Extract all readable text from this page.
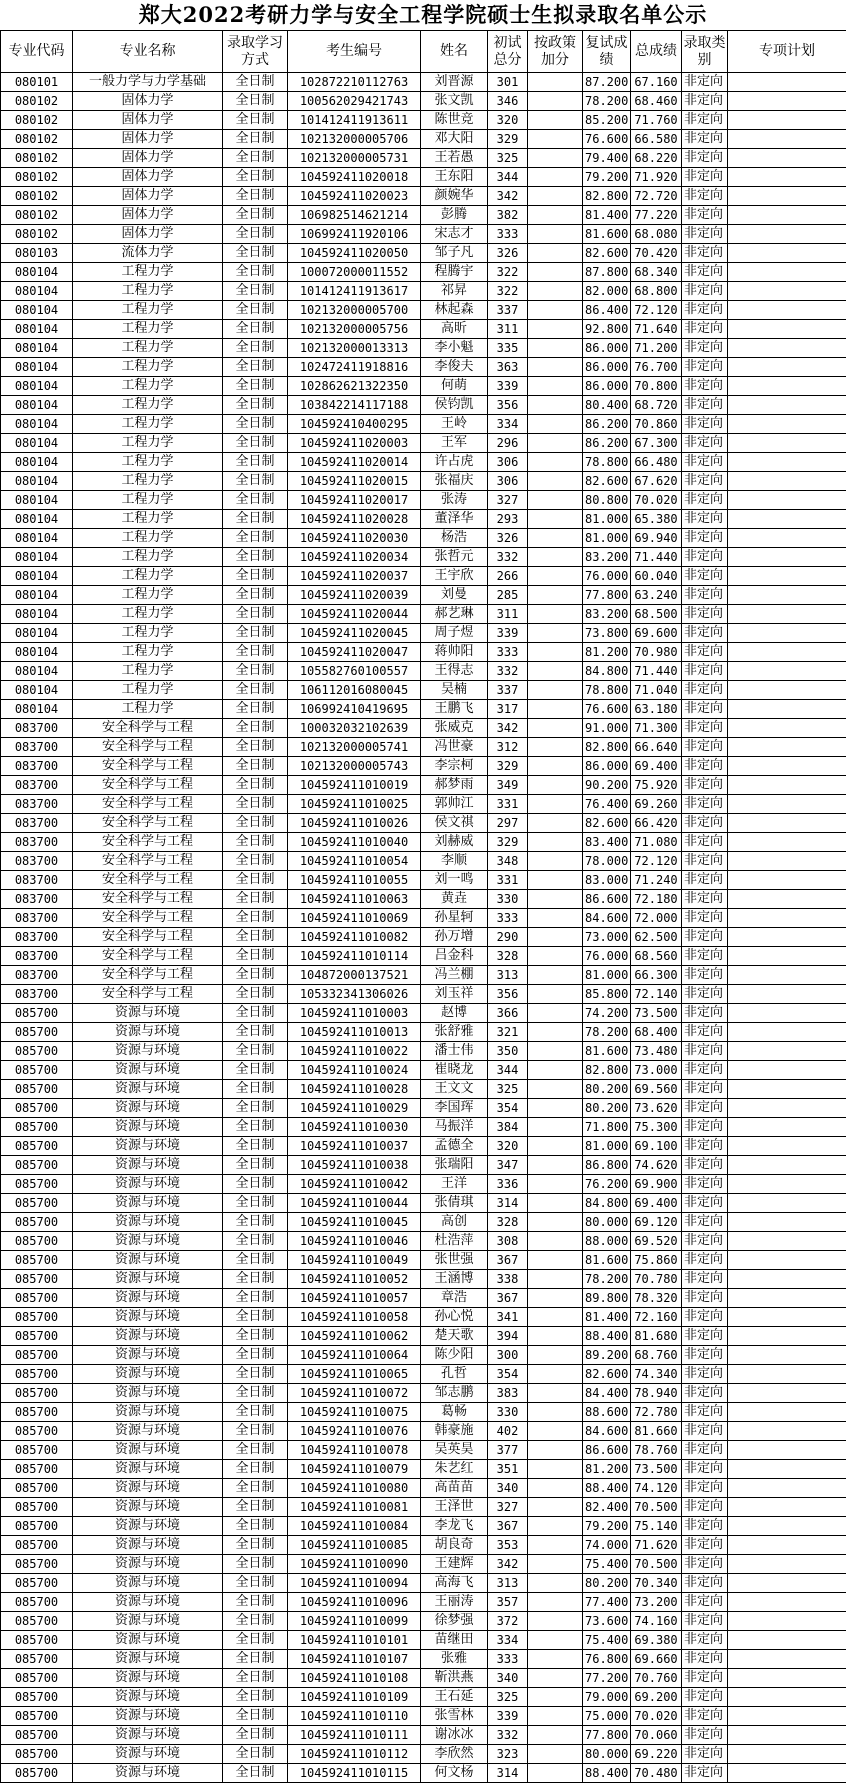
郑大2022考研力学与安全工程学院硕士生拟录取名单公示
专业代码	专业名称	录取学习方式	考生编号	姓名	初试总分	按政策加分	复试成绩	总成绩	录取类别	专项计划
080101	一般力学与力学基础	全日制	102872210112763	刘晋源	301		87.200	67.160	非定向	
080102	固体力学	全日制	100562029421743	张文凯	346		78.200	68.460	非定向	
080102	固体力学	全日制	101412411913611	陈世竞	320		85.200	71.760	非定向	
080102	固体力学	全日制	102132000005706	邓大阳	329		76.600	66.580	非定向	
080102	固体力学	全日制	102132000005731	王若愚	325		79.400	68.220	非定向	
080102	固体力学	全日制	104592411020018	王东阳	344		79.200	71.920	非定向	
080102	固体力学	全日制	104592411020023	颜婉华	342		82.800	72.720	非定向	
080102	固体力学	全日制	106982514621214	彭腾	382		81.400	77.220	非定向	
080102	固体力学	全日制	106992411920106	宋志才	333		81.600	68.080	非定向	
080103	流体力学	全日制	104592411020050	邹子凡	326		82.600	70.420	非定向	
080104	工程力学	全日制	100072000011552	程腾宇	322		87.800	68.340	非定向	
080104	工程力学	全日制	101412411913617	祁昇	322		82.000	68.800	非定向	
080104	工程力学	全日制	102132000005700	林起森	337		86.400	72.120	非定向	
080104	工程力学	全日制	102132000005756	高昕	311		92.800	71.640	非定向	
080104	工程力学	全日制	102132000013313	李小魁	335		86.000	71.200	非定向	
080104	工程力学	全日制	102472411918816	李俊夫	363		86.000	76.700	非定向	
080104	工程力学	全日制	102862621322350	何萌	339		86.000	70.800	非定向	
080104	工程力学	全日制	103842214117188	侯钧凯	356		80.400	68.720	非定向	
080104	工程力学	全日制	104592410400295	王岭	334		86.200	70.860	非定向	
080104	工程力学	全日制	104592411020003	王军	296		86.200	67.300	非定向	
080104	工程力学	全日制	104592411020014	许占虎	306		78.800	66.480	非定向	
080104	工程力学	全日制	104592411020015	张福庆	306		82.600	67.620	非定向	
080104	工程力学	全日制	104592411020017	张涛	327		80.800	70.020	非定向	
080104	工程力学	全日制	104592411020028	董泽华	293		81.000	65.380	非定向	
080104	工程力学	全日制	104592411020030	杨浩	326		81.000	69.940	非定向	
080104	工程力学	全日制	104592411020034	张哲元	332		83.200	71.440	非定向	
080104	工程力学	全日制	104592411020037	王宇欣	266		76.000	60.040	非定向	
080104	工程力学	全日制	104592411020039	刘曼	285		77.800	63.240	非定向	
080104	工程力学	全日制	104592411020044	郝艺琳	311		83.200	68.500	非定向	
080104	工程力学	全日制	104592411020045	周子煜	339		73.800	69.600	非定向	
080104	工程力学	全日制	104592411020047	蒋帅阳	333		81.200	70.980	非定向	
080104	工程力学	全日制	105582760100557	王得志	332		84.800	71.440	非定向	
080104	工程力学	全日制	106112016080045	吴楠	337		78.800	71.040	非定向	
080104	工程力学	全日制	106992410419695	王鹏飞	317		76.600	63.180	非定向	
083700	安全科学与工程	全日制	100032032102639	张威克	342		91.000	71.300	非定向	
083700	安全科学与工程	全日制	102132000005741	冯世豪	312		82.800	66.640	非定向	
083700	安全科学与工程	全日制	102132000005743	李宗柯	329		86.000	69.400	非定向	
083700	安全科学与工程	全日制	104592411010019	郝梦雨	349		90.200	75.920	非定向	
083700	安全科学与工程	全日制	104592411010025	郭帅江	331		76.400	69.260	非定向	
083700	安全科学与工程	全日制	104592411010026	侯文祺	297		82.600	66.420	非定向	
083700	安全科学与工程	全日制	104592411010040	刘赫威	329		83.400	71.080	非定向	
083700	安全科学与工程	全日制	104592411010054	李顺	348		78.000	72.120	非定向	
083700	安全科学与工程	全日制	104592411010055	刘一鸣	331		83.000	71.240	非定向	
083700	安全科学与工程	全日制	104592411010063	黄垚	330		86.600	72.180	非定向	
083700	安全科学与工程	全日制	104592411010069	孙星轲	333		84.600	72.000	非定向	
083700	安全科学与工程	全日制	104592411010082	孙万增	290		73.000	62.500	非定向	
083700	安全科学与工程	全日制	104592411010114	吕金科	328		76.000	68.560	非定向	
083700	安全科学与工程	全日制	104872000137521	冯兰棚	313		81.000	66.300	非定向	
083700	安全科学与工程	全日制	105332341306026	刘玉祥	356		85.800	72.140	非定向	
085700	资源与环境	全日制	104592411010003	赵博	366		74.200	73.500	非定向	
085700	资源与环境	全日制	104592411010013	张舒雅	321		78.200	68.400	非定向	
085700	资源与环境	全日制	104592411010022	潘士伟	350		81.600	73.480	非定向	
085700	资源与环境	全日制	104592411010024	崔晓龙	344		82.800	73.000	非定向	
085700	资源与环境	全日制	104592411010028	王文文	325		80.200	69.560	非定向	
085700	资源与环境	全日制	104592411010029	李国珲	354		80.200	73.620	非定向	
085700	资源与环境	全日制	104592411010030	马振洋	384		71.800	75.300	非定向	
085700	资源与环境	全日制	104592411010037	孟德全	320		81.000	69.100	非定向	
085700	资源与环境	全日制	104592411010038	张瑞阳	347		86.800	74.620	非定向	
085700	资源与环境	全日制	104592411010042	王洋	336		76.200	69.900	非定向	
085700	资源与环境	全日制	104592411010044	张倩琪	314		84.800	69.400	非定向	
085700	资源与环境	全日制	104592411010045	高创	328		80.000	69.120	非定向	
085700	资源与环境	全日制	104592411010046	杜浩萍	308		88.000	69.520	非定向	
085700	资源与环境	全日制	104592411010049	张世强	367		81.600	75.860	非定向	
085700	资源与环境	全日制	104592411010052	王涵博	338		78.200	70.780	非定向	
085700	资源与环境	全日制	104592411010057	章浩	367		89.800	78.320	非定向	
085700	资源与环境	全日制	104592411010058	孙心悦	341		81.400	72.160	非定向	
085700	资源与环境	全日制	104592411010062	楚天歌	394		88.400	81.680	非定向	
085700	资源与环境	全日制	104592411010064	陈少阳	300		89.200	68.760	非定向	
085700	资源与环境	全日制	104592411010065	孔哲	354		82.600	74.340	非定向	
085700	资源与环境	全日制	104592411010072	邹志鹏	383		84.400	78.940	非定向	
085700	资源与环境	全日制	104592411010075	葛畅	330		88.600	72.780	非定向	
085700	资源与环境	全日制	104592411010076	韩豪施	402		84.600	81.660	非定向	
085700	资源与环境	全日制	104592411010078	吴英昊	377		86.600	78.760	非定向	
085700	资源与环境	全日制	104592411010079	朱艺红	351		81.200	73.500	非定向	
085700	资源与环境	全日制	104592411010080	高苗苗	340		88.400	74.120	非定向	
085700	资源与环境	全日制	104592411010081	王泽世	327		82.400	70.500	非定向	
085700	资源与环境	全日制	104592411010084	李龙飞	367		79.200	75.140	非定向	
085700	资源与环境	全日制	104592411010085	胡良奇	353		74.000	71.620	非定向	
085700	资源与环境	全日制	104592411010090	王建辉	342		75.400	70.500	非定向	
085700	资源与环境	全日制	104592411010094	高海飞	313		80.200	70.340	非定向	
085700	资源与环境	全日制	104592411010096	王丽涛	357		77.400	73.200	非定向	
085700	资源与环境	全日制	104592411010099	徐梦强	372		73.600	74.160	非定向	
085700	资源与环境	全日制	104592411010101	苗继田	334		75.400	69.380	非定向	
085700	资源与环境	全日制	104592411010107	张雅	333		76.800	69.660	非定向	
085700	资源与环境	全日制	104592411010108	靳洪燕	340		77.200	70.760	非定向	
085700	资源与环境	全日制	104592411010109	王石延	325		79.000	69.200	非定向	
085700	资源与环境	全日制	104592411010110	张雪林	339		75.000	70.020	非定向	
085700	资源与环境	全日制	104592411010111	谢冰冰	332		77.800	70.060	非定向	
085700	资源与环境	全日制	104592411010112	李欣然	323		80.000	69.220	非定向	
085700	资源与环境	全日制	104592411010115	何文杨	314		88.400	70.480	非定向	
